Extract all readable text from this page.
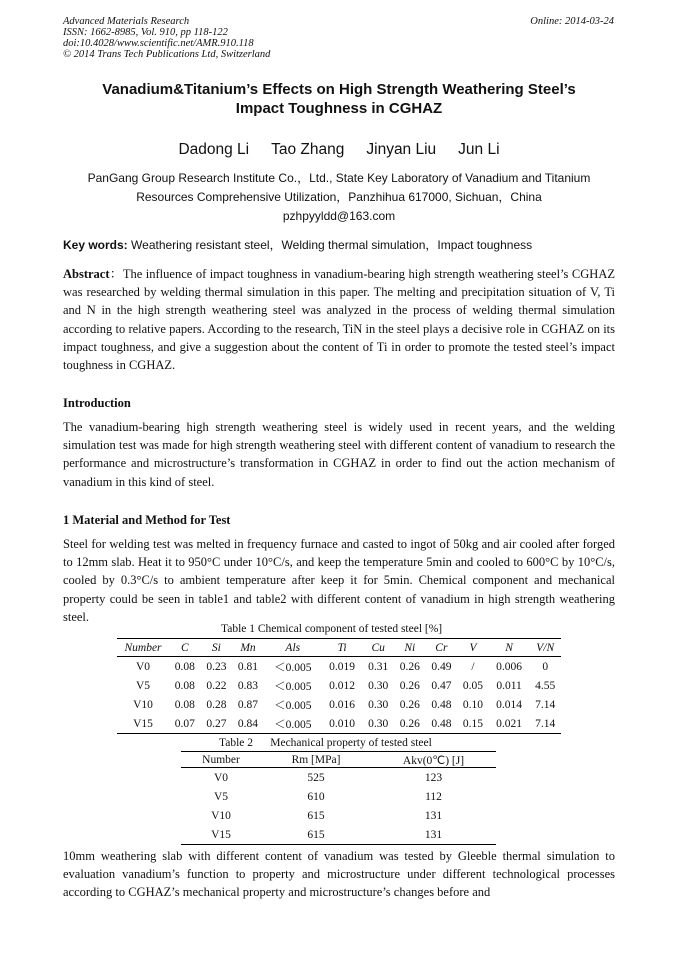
Advanced Materials Research
ISSN: 1662-8985, Vol. 910, pp 118-122
doi:10.4028/www.scientific.net/AMR.910.118
© 2014 Trans Tech Publications Ltd, Switzerland
Online: 2014-03-24
Vanadium&Titanium’s Effects on High Strength Weathering Steel’s
Impact Toughness in CGHAZ
Dadong Li Tao Zhang Jinyan Liu Jun Li
PanGang Group Research Institute Co.，Ltd., State Key Laboratory of Vanadium and Titanium
Resources Comprehensive Utilization，Panzhihua 617000, Sichuan，China
pzhpyyldd@163.com
Key words: Weathering resistant steel，Welding thermal simulation，Impact toughness
Abstract：The influence of impact toughness in vanadium-bearing high strength weathering steel’s CGHAZ was researched by welding thermal simulation in this paper. The melting and precipitation situation of V, Ti and N in the high strength weathering steel was analyzed in the process of welding thermal simulation according to relative papers. According to the research, TiN in the steel plays a decisive role in CGHAZ on its impact toughness, and give a suggestion about the content of Ti in order to promote the tested steel’s impact toughness in CGHAZ.
Introduction
The vanadium-bearing high strength weathering steel is widely used in recent years, and the welding simulation test was made for high strength weathering steel with different content of vanadium to research the performance and microstructure’s transformation in CGHAZ in order to find out the action mechanism of vanadium in this kind of steel.
1 Material and Method for Test
Steel for welding test was melted in frequency furnace and casted to ingot of 50kg and air cooled after forged to 12mm slab. Heat it to 950°C under 10°C/s, and keep the temperature 5min and cooled to 600°C by 10°C/s, cooled by 0.3°C/s to ambient temperature after keep it for 5min. Chemical component and mechanical property could be seen in table1 and table2 with different content of vanadium in high strength weathering steel.
Table 1 Chemical component of tested steel [%]
Number	C	Si	Mn	Als	Ti	Cu	Ni	Cr	V	N	V/N
V0	0.08	0.23	0.81	＜0.005	0.019	0.31	0.26	0.49	/	0.006	0
V5	0.08	0.22	0.83	＜0.005	0.012	0.30	0.26	0.47	0.05	0.011	4.55
V10	0.08	0.28	0.87	＜0.005	0.016	0.30	0.26	0.48	0.10	0.014	7.14
V15	0.07	0.27	0.84	＜0.005	0.010	0.30	0.26	0.48	0.15	0.021	7.14
Table 2      Mechanical property of tested steel
Number	Rm [MPa]	Akv(0℃) [J]
V0	525	123
V5	610	112
V10	615	131
V15	615	131
10mm weathering slab with different content of vanadium was tested by Gleeble thermal simulation to evaluation vanadium’s function to property and microstructure under different technological processes according to CGHAZ’s mechanical property and microstructure’s changes before and
